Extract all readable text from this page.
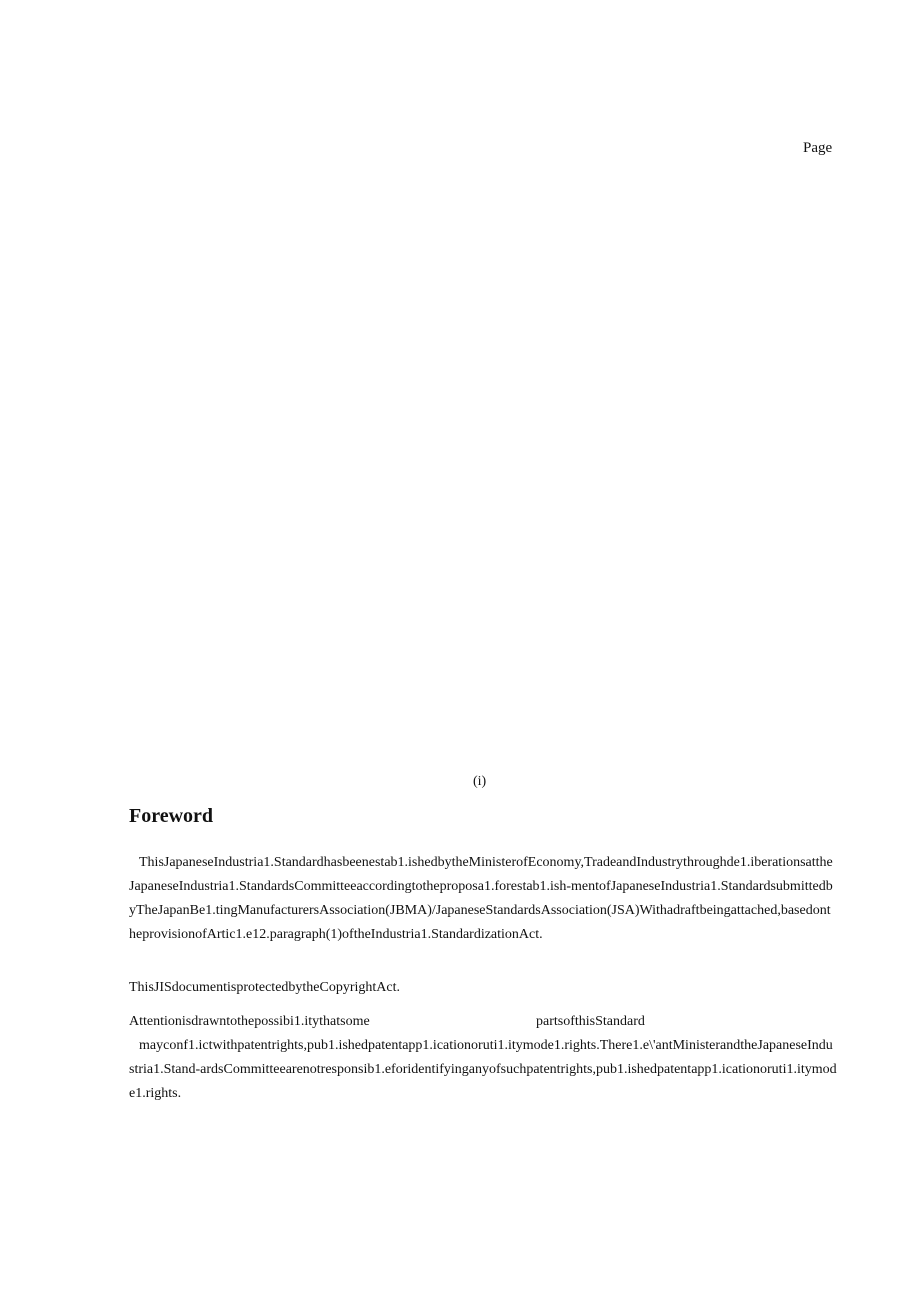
Page
(i)
Foreword
ThisJapaneseIndustria1.Standardhasbeenestab1.ishedbytheMinisterofEconomy,TradeandIndustrythroughde1.iberationsattheJapaneseIndustria1.StandardsCommitteeaccordingtotheproposa1.forestab1.ish-mentofJapaneseIndustria1.StandardsubmittedbyTheJapanBe1.tingManufacturersAssociation(JBMA)/JapaneseStandardsAssociation(JSA)Withadraftbeingattached,basedontheprovisionofArtic1.e12.paragraph(1)oftheIndustria1.StandardizationAct.
ThisJISdocumentisprotectedbytheCopyrightAct.
Attentionisdrawntothepossibi1.itythatsome	partsofthisStandard
mayconf1.ictwithpatentrights,pub1.ishedpatentapp1.icationoruti1.itymode1.rights.There1.e\'antMinisterandtheJapaneseIndustria1.Stand-ardsCommitteearenotresponsib1.eforidentifyinganyofsuchpatentrights,pub1.ishedpatentapp1.icationoruti1.itymode1.rights.
